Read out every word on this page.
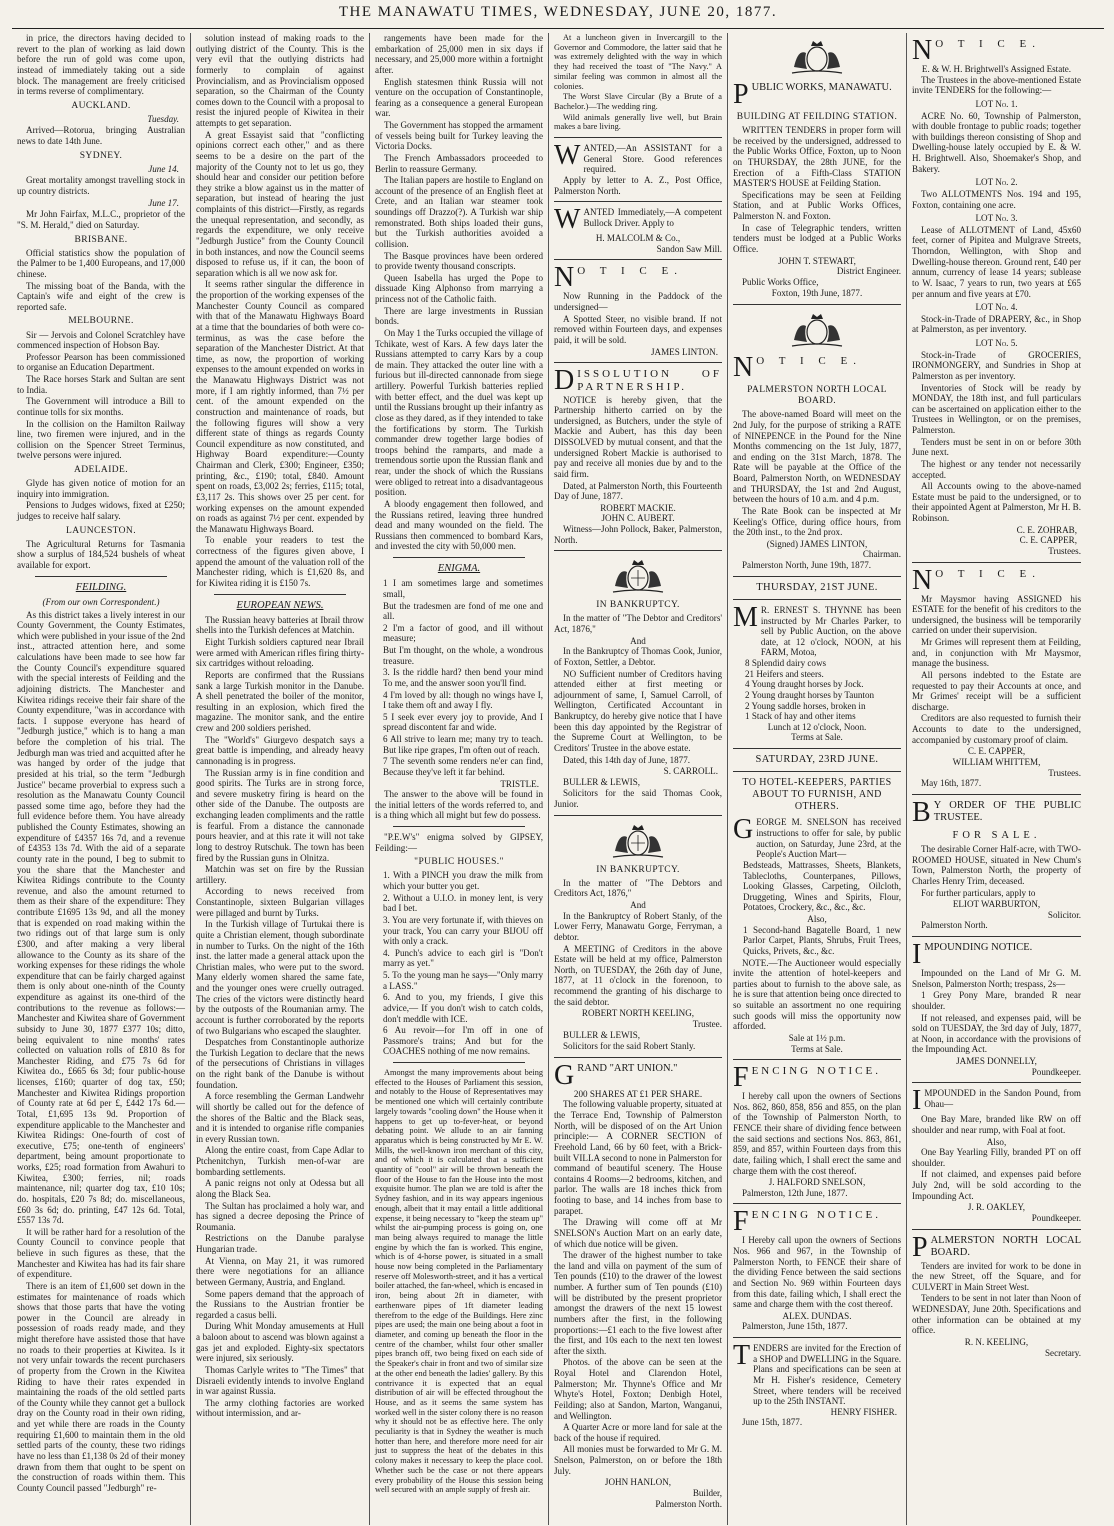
THE MANAWATU TIMES, WEDNESDAY, JUNE 20, 1877.

in price, the directors having decided to revert to the plan of working as laid down before the run of gold was come upon, instead of immediately taking out a side block. The management are freely criticised in terms reverse of complimentary.

AUCKLAND.
Tuesday.

Arrived—Rotorua, bringing Australian news to date 14th June.

SYDNEY.
June 14.

Great mortality amongst travelling stock in up country districts.

June 17.

Mr John Fairfax, M.L.C., proprietor of the "S. M. Herald," died on Saturday.

BRISBANE.

Official statistics show the population of the Palmer to be 1,400 Europeans, and 17,000 chinese.

The missing boat of the Banda, with the Captain's wife and eight of the crew is reported safe.

MELBOURNE.

Sir — Jervois and Colonel Scratchley have commenced inspection of Hobson Bay.

Professor Pearson has been commissioned to organise an Education Department.

The Race horses Stark and Sultan are sent to India.

The Government will introduce a Bill to continue tolls for six months.

In the collision on the Hamilton Railway line, two firemen were injured, and in the collision on the Spencer Street Terminus, twelve persons were injured.

ADELAIDE.

Glyde has given notice of motion for an inquiry into immigration.

Pensions to Judges widows, fixed at £250; judges to receive half salary.

LAUNCESTON.

The Agricultural Returns for Tasmania show a surplus of 184,524 bushels of wheat available for export.

FEILDING.
(From our own Correspondent.)

As this district takes a lively interest in our County Government, the County Estimates, which were published in your issue of the 2nd inst., attracted attention here, and some calculations have been made to see how far the County Council's expenditure squared with the special interests of Feilding and the adjoining districts. The Manchester and Kiwitea ridings receive their fair share of the County expenditure, "was in accordance with facts. I suppose everyone has heard of "Jedburgh justice," which is to hang a man before the completion of his trial. The Jedburgh man was tried and acquitted after he was hanged by order of the judge that presided at his trial, so the term "Jedburgh Justice" became proverbial to express such a resolution as the Manawatu County Council passed some time ago, before they had the full evidence before them. You have already published the County Estimates, showing an expenditure of £4357 16s 7d, and a revenue of £4353 13s 7d. With the aid of a separate county rate in the pound, I beg to submit to you the share that the Manchester and Kiwitea Ridings contribute to the County revenue, and also the amount returned to them as their share of the expenditure: They contribute £1695 13s 9d, and all the money that is expended on road making within the two ridings out of that large sum is only £300, and after making a very liberal allowance to the County as its share of the working expenses for these ridings the whole expenditure that can be fairly charged against them is only about one-ninth of the County expenditure as against its one-third of the contributions to the revenue as follows:—Manchester and Kiwitea share of Government subsidy to June 30, 1877 £377 10s; ditto, being equivalent to nine months' rates collected on valuation rolls of £810 8s for Manchester Riding, and £75 7s 6d for Kiwitea do., £665 6s 3d; four public-house licenses, £160; quarter of dog tax, £50; Manchester and Kiwitea Ridings proportion of County rate at 6d per £, £442 17s 6d.—Total, £1,695 13s 9d. Proportion of expenditure applicable to the Manchester and Kiwitea Ridings: One-fourth of cost of executive, £75; one-tenth of engineers' department, being amount proportionate to works, £25; road formation from Awahuri to Kiwitea, £300; ferries, nil; roads maintenance, nil; quarter dog tax, £10 10s; do. hospitals, £20 7s 8d; do. miscellaneous, £60 3s 6d; do. printing, £47 12s 6d. Total, £557 13s 7d.

It will be rather hard for a resolution of the County Council to convince people that believe in such figures as these, that the Manchester and Kiwitea has had its fair share of expenditure.

There is an item of £1,600 set down in the estimates for maintenance of roads which shows that those parts that have the voting power in the Council are already in possession of roads ready made, and they might therefore have assisted those that have no roads to their properties at Kiwitea. Is it not very unfair towards the recent purchasers of property from the Crown in the Kiwitea Riding to have their rates expended in maintaining the roads of the old settled parts of the County while they cannot get a bullock dray on the County road in their own riding, and yet while there are roads in the County requiring £1,600 to maintain them in the old settled parts of the county, these two ridings have no less than £1,138 0s 2d of their money drawn from them that ought to be spent on the construction of roads within them. This County Council passed "Jedburgh" re-

solution instead of making roads to the outlying district of the County. This is the very evil that the outlying districts had formerly to complain of against Provincialism, and as Provincialism opposed separation, so the Chairman of the County comes down to the Council with a proposal to resist the injured people of Kiwitea in their attempts to get separation.

A great Essayist said that "conflicting opinions correct each other," and as there seems to be a desire on the part of the majority of the County not to let us go, they should hear and consider our petition before they strike a blow against us in the matter of separation, but instead of hearing the just complaints of this district—Firstly, as regards the unequal representation, and secondly, as regards the expenditure, we only receive "Jedburgh Justice" from the County Council in both instances, and now the Council seems disposed to refuse us, if it can, the boon of separation which is all we now ask for.

It seems rather singular the difference in the proportion of the working expenses of the Manchester County Council as compared with that of the Manawatu Highways Board at a time that the boundaries of both were co-terminus, as was the case before the separation of the Manchester District. At that time, as now, the proportion of working expenses to the amount expended on works in the Manawatu Highways District was not more, if I am rightly informed, than 7½ per cent. of the amount expended on the construction and maintenance of roads, but the following figures will show a very different state of things as regards County Council expenditure as now constituted, and Highway Board expenditure:—County Chairman and Clerk, £300; Engineer, £350; printing, &c., £190; total, £840. Amount spent on roads, £3,002 2s; ferries, £115; total, £3,117 2s. This shows over 25 per cent. for working expenses on the amount expended on roads as against 7½ per cent. expended by the Manawatu Highways Board.

To enable your readers to test the correctness of the figures given above, I append the amount of the valuation roll of the Manchester riding, which is £1,620 8s, and for Kiwitea riding it is £150 7s.

EUROPEAN NEWS.

The Russian heavy batteries at Ibrail throw shells into the Turkish defences at Matchin.

Eight Turkish soldiers captured near Ibrail were armed with American rifles firing thirty-six cartridges without reloading.

Reports are confirmed that the Russians sank a large Turkish monitor in the Danube. A shell penetrated the boiler of the monitor, resulting in an explosion, which fired the magazine. The monitor sank, and the entire crew and 200 soldiers perished.

The "World's" Giurgevo despatch says a great battle is impending, and already heavy cannonading is in progress.

The Russian army is in fine condition and good spirits. The Turks are in strong force, and severe musketry firing is heard on the other side of the Danube. The outposts are exchanging leaden compliments and the rattle is fearful. From a distance the cannonade pours heavier, and at this rate it will not take long to destroy Rutschuk. The town has been fired by the Russian guns in Olnitza.

Matchin was set on fire by the Russian artillery.

According to news received from Constantinople, sixteen Bulgarian villages were pillaged and burnt by Turks.

In the Turkish village of Turtukai there is quite a Christian element, though subordinate in number to Turks. On the night of the 16th inst. the latter made a general attack upon the Christian males, who were put to the sword. Many elderly women shared the same fate, and the younger ones were cruelly outraged. The cries of the victors were distinctly heard by the outposts of the Roumanian army. The account is further corroborated by the reports of two Bulgarians who escaped the slaughter.

Despatches from Constantinople authorize the Turkish Legation to declare that the news of the persecutions of Christians in villages on the right bank of the Danube is without foundation.

A force resembling the German Landwehr will shortly be called out for the defence of the shores of the Baltic and the Black seas, and it is intended to organise rifle companies in every Russian town.

Along the entire coast, from Cape Adlar to Ptchenitchyn, Turkish men-of-war are bombarding settlements.

A panic reigns not only at Odessa but all along the Black Sea.

The Sultan has proclaimed a holy war, and has signed a decree deposing the Prince of Roumania.

Restrictions on the Danube paralyse Hungarian trade.

At Vienna, on May 21, it was rumored there were negotiations for an alliance between Germany, Austria, and England.

Some papers demand that the approach of the Russians to the Austrian frontier be regarded a casus belli.

During Whit Monday amusements at Hull a baloon about to ascend was blown against a gas jet and exploded. Eighty-six spectators were injured, six seriously.

Thomas Carlyle writes to "The Times" that Disraeli evidently intends to involve England in war against Russia.

The army clothing factories are worked without intermission, and ar-

rangements have been made for the embarkation of 25,000 men in six days if necessary, and 25,000 more within a fortnight after.

English statesmen think Russia will not venture on the occupation of Constantinople, fearing as a consequence a general European war.

The Government has stopped the armament of vessels being built for Turkey leaving the Victoria Docks.

The French Ambassadors proceeded to Berlin to reassure Germany.

The Italian papers are hostile to England on account of the presence of an English fleet at Crete, and an Italian war steamer took soundings off Drazzo(?). A Turkish war ship remonstrated. Both ships loaded their guns, but the Turkish authorities avoided a collision.

The Basque provinces have been ordered to provide twenty thousand conscripts.

Queen Isabella has urged the Pope to dissuade King Alphonso from marrying a princess not of the Catholic faith.

There are large investments in Russian bonds.

On May 1 the Turks occupied the village of Tchikate, west of Kars. A few days later the Russians attempted to carry Kars by a coup de main. They attacked the outer line with a furious but ill-directed cannonade from siege artillery. Powerful Turkish batteries replied with better effect, and the duel was kept up until the Russians brought up their infantry as close as they dared, as if they intended to take the fortifications by storm. The Turkish commander drew together large bodies of troops behind the ramparts, and made a tremendous sortie upon the Russian flank and rear, under the shock of which the Russians were obliged to retreat into a disadvantageous position.

A bloody engagement then followed, and the Russians retired, leaving three hundred dead and many wounded on the field. The Russians then commenced to bombard Kars, and invested the city with 50,000 men.

ENIGMA.

1 I am sometimes large and sometimes small,

But the tradesmen are fond of me one and all.

2 I'm a factor of good, and ill without measure;

But I'm thought, on the whole, a wondrous treasure.

3. Is the riddle hard? then bend your mind To me, and the answer soon you'll find.

4 I'm loved by all: though no wings have I, I take them oft and away I fly.

5 I seek ever every joy to provide, And I spread discontent far and wide.

6 All strive to learn me; many try to teach. But like ripe grapes, I'm often out of reach.

7 The seventh some renders ne'er can find, Because they've left it far behind.

TRISTLE.

The answer to the above will be found in the initial letters of the words referred to, and is a thing which all might but few do possess.

"P.E.W's" enigma solved by GIPSEY, Feilding:—

"PUBLIC HOUSES."

1. With a PINCH you draw the milk from which your butter you get.

2. Without a U.I.O. in money lent, is very bad I bet.

3. You are very fortunate if, with thieves on your track, You can carry your BIJOU off with only a crack.

4. Punch's advice to each girl is "Don't marry as yet."

5. To the young man he says—"Only marry a LASS."

6. And to you, my friends, I give this advice,— If you don't wish to catch colds, don't meddle with ICE.

6 Au revoir—for I'm off in one of Passmore's trains; And but for the COACHES nothing of me now remains.

Amongst the many improvements about being effected to the Houses of Parliament this session, and notably to the House of Representatives may be mentioned one which will certainly contribute largely towards "cooling down" the House when it happens to get up to-fever-heat, or beyond debating point. We allude to an air fanning apparatus which is being constructed by Mr E. W. Mills, the well-known iron merchant of this city, and of which it is calculated that a sufficient quantity of "cool" air will be thrown beneath the floor of the House to fan the House into the most exquisite humor. The plan we are told is after the Sydney fashion, and in its way appears ingenious enough, albeit that it may entail a little additional expense, it being necessary to "keep the steam up" whilst the air-pumping process is going on, one man being always required to manage the little engine by which the fan is worked. This engine, which is of 4-horse power, is situated in a small house now being completed in the Parliamentary reserve off Molesworth-street, and it has a vertical boiler attached, the fan-wheel, which is encased in iron, being about 2ft in diameter, with earthenware pipes of 1ft diameter leading therefrom to the edge of the Buildings. Here zinc pipes are used; the main one being about a foot in diameter, and coming up beneath the floor in the centre of the chamber, whilst four other smaller pipes branch off, two being fixed on each side of the Speaker's chair in front and two of similar size at the other end beneath the ladies' gallery. By this contrivance it is expected that an equal distribution of air will be effected throughout the House, and as it seems the same system has worked well in the sister colony there is no reason why it should not be as effective here. The only peculiarity is that in Sydney the weather is much hotter than here, and therefore more need for air just to suppress the heat of the debates in this colony makes it necessary to keep the place cool. Whether such be the case or not there appears every probability of the House this session being well secured with an ample supply of fresh air.

At a luncheon given in Invercargill to the Governor and Commodore, the latter said that he was extremely delighted with the way in which they had received the toast of "The Navy." A similar feeling was common in almost all the colonies.

The Worst Slave Circular (By a Brute of a Bachelor.)—The wedding ring.

Wild animals generally live well, but Brain makes a bare living.

W ANTED,—An ASSISTANT for a General Store. Good references required.

Apply by letter to A. Z., Post Office, Palmerston North.

W ANTED Immediately,—A competent Bullock Driver. Apply to
H. MALCOLM & Co.,
Sandon Saw Mill.
N O T I C E.

Now Running in the Paddock of the undersigned—

A Spotted Steer, no visible brand. If not removed within Fourteen days, and expenses paid, it will be sold.

JAMES LINTON.
D ISSOLUTION OF PARTNERSHIP.

NOTICE is hereby given, that the Partnership hitherto carried on by the undersigned, as Butchers, under the style of Mackie and Aubert, has this day been DISSOLVED by mutual consent, and that the undersigned Robert Mackie is authorised to pay and receive all monies due by and to the said firm.

Dated, at Palmerston North, this Fourteenth Day of June, 1877.

ROBERT MACKIE.
JOHN C. AUBERT.

Witness—John Pollock, Baker, Palmerston, North.

IN BANKRUPTCY.

In the matter of "The Debtor and Creditors' Act, 1876,"

And

In the Bankruptcy of Thomas Cook, Junior, of Foxton, Settler, a Debtor.

NO Sufficient number of Creditors having attended either at first meeting or adjournment of same, I, Samuel Carroll, of Wellington, Certificated Accountant in Bankruptcy, do hereby give notice that I have been this day appointed by the Registrar of the Supreme Court at Wellington, to be Creditors' Trustee in the above estate.

Dated, this 14th day of June, 1877.

S. CARROLL.

BULLER & LEWIS,

Solicitors for the said Thomas Cook, Junior.

IN BANKRUPTCY.

In the matter of "The Debtors and Creditors Act, 1876,"

And

In the Bankruptcy of Robert Stanly, of the Lower Ferry, Manawatu Gorge, Ferryman, a debtor.

A MEETING of Creditors in the above Estate will be held at my office, Palmerston North, on TUESDAY, the 26th day of June, 1877, at 11 o'clock in the forenoon, to recommend the granting of his discharge to the said debtor.

ROBERT NORTH KEELING,
Trustee.

BULLER & LEWIS,

Solicitors for the said Robert Stanly.

G RAND "ART UNION."
200 SHARES AT £1 PER SHARE.

The following valuable property, situated at the Terrace End, Township of Palmerston North, will be disposed of on the Art Union principle:— A CORNER SECTION of Freehold Land, 66 by 60 feet, with a Brick-built VILLA second to none in Palmerston for command of beautiful scenery. The House contains 4 Rooms—2 bedrooms, kitchen, and parlor. The walls are 18 inches thick from footing to base, and 14 inches from base to parapet.

The Drawing will come off at Mr SNELSON's Auction Mart on an early date, of which due notice will be given.

The drawer of the highest number to take the land and villa on payment of the sum of Ten pounds (£10) to the drawer of the lowest number. A further sum of Ten pounds (£10) will be distributed by the present proprietor amongst the drawers of the next 15 lowest numbers after the first, in the following proportions:—£1 each to the five lowest after the first, and 10s each to the next ten lowest after the sixth.

Photos. of the above can be seen at the Royal Hotel and Clarendon Hotel, Palmerston; Mr. Thynne's Office and Mr Whyte's Hotel, Foxton; Denbigh Hotel, Feilding; also at Sandon, Marton, Wanganui, and Wellington.

A Quarter Acre or more land for sale at the back of the house if required.

All monies must be forwarded to Mr G. M. Snelson, Palmerston, on or before the 18th July.

JOHN HANLON,
Builder,
Palmerston North.
P UBLIC WORKS, MANAWATU.
BUILDING AT FEILDING STATION.

WRITTEN TENDERS in proper form will be received by the undersigned, addressed to the Public Works Office, Foxton, up to Noon on THURSDAY, the 28th JUNE, for the Erection of a Fifth-Class STATION MASTER'S HOUSE at Feilding Station.

Specifications may be seen at Feilding Station, and at Public Works Offices, Palmerston N. and Foxton.

In case of Telegraphic tenders, written tenders must be lodged at a Public Works Office.

JOHN T. STEWART,
District Engineer.

Public Works Office,

Foxton, 19th June, 1877.
N O T I C E.
PALMERSTON NORTH LOCAL BOARD.

The above-named Board will meet on the 2nd July, for the purpose of striking a RATE of NINEPENCE in the Pound for the Nine Months commencing on the 1st July, 1877, and ending on the 31st March, 1878. The Rate will be payable at the Office of the Board, Palmerston North, on WEDNESDAY and THURSDAY, the 1st and 2nd August, between the hours of 10 a.m. and 4 p.m.

The Rate Book can be inspected at Mr Keeling's Office, during office hours, from the 20th inst., to the 2nd prox.

(Signed) JAMES LINTON,
Chairman.

Palmerston North, June 19th, 1877.

THURSDAY, 21ST JUNE.
M R. ERNEST S. THYNNE has been instructed by Mr Charles Parker, to sell by Public Auction, on the above date, at 12 o'clock, NOON, at his FARM, Motoa,
8 Splendid dairy cows
21 Heifers and steers.
4 Young draught horses by Jock.
2 Young draught horses by Taunton
2 Young saddle horses, broken in
1 Stack of hay and other items
Lunch at 12 o'clock, Noon.
Terms at Sale.
SATURDAY, 23RD JUNE.
TO HOTEL-KEEPERS, PARTIES ABOUT TO FURNISH, AND OTHERS.
G EORGE M. SNELSON has received instructions to offer for sale, by public auction, on Saturday, June 23rd, at the People's Auction Mart—

Bedsteads, Mattrasses, Sheets, Blankets, Tablecloths, Counterpanes, Pillows, Looking Glasses, Carpeting, Oilcloth, Druggeting, Wines and Spirits, Flour, Potatoes, Crockery, &c., &c., &c.

Also,

1 Second-hand Bagatelle Board, 1 new Parlor Carpet, Plants, Shrubs, Fruit Trees, Quicks, Privets, &c., &c.

NOTE.—The Auctioneer would especially invite the attention of hotel-keepers and parties about to furnish to the above sale, as he is sure that attention being once directed to so suitable an assortment no one requiring such goods will miss the opportunity now afforded.

Sale at 1½ p.m.
Terms at Sale.
F ENCING NOTICE.

I hereby call upon the owners of Sections Nos. 862, 860, 858, 856 and 855, on the plan of the Township of Palmerston North, to FENCE their share of dividing fence between the said sections and sections Nos. 863, 861, 859, and 857, within Fourteen days from this date, failing which, I shall erect the same and charge them with the cost thereof.

J. HALFORD SNELSON,

Palmerston, 12th June, 1877.

F ENCING NOTICE.

I Hereby call upon the owners of Sections Nos. 966 and 967, in the Township of Palmerston North, to FENCE their share of the dividing Fence between the said sections and Section No. 969 within Fourteen days from this date, failing which, I shall erect the same and charge them with the cost thereof.

ALEX. DUNDAS.

Palmerston, June 15th, 1877.

T ENDERS are invited for the Erection of a SHOP and DWELLING in the Square. Plans and specifications can be seen at Mr H. Fisher's residence, Cemetery Street, where tenders will be received up to the 25th INSTANT.
HENRY FISHER.

June 15th, 1877.

N O T I C E.
E. & W. H. Brightwell's Assigned Estate.

The Trustees in the above-mentioned Estate invite TENDERS for the following:—

LOT No. 1.

ACRE No. 60, Township of Palmerston, with double frontage to public roads; together with buildings thereon consisting of Shop and Dwelling-house lately occupied by E. & W. H. Brightwell. Also, Shoemaker's Shop, and Bakery.

LOT No. 2.

Two ALLOTMENTS Nos. 194 and 195, Foxton, containing one acre.

LOT No. 3.

Lease of ALLOTMENT of Land, 45x60 feet, corner of Pipitea and Mulgrave Streets, Thorndon, Wellington, with Shop and Dwelling-house thereon. Ground rent, £40 per annum, currency of lease 14 years; sublease to W. Isaac, 7 years to run, two years at £65 per annum and five years at £70.

LOT No. 4.

Stock-in-Trade of DRAPERY, &c., in Shop at Palmerston, as per inventory.

LOT No. 5.

Stock-in-Trade of GROCERIES, IRONMONGERY, and Sundries in Shop at Palmerston as per inventory.

Inventories of Stock will be ready by MONDAY, the 18th inst, and full particulars can be ascertained on application either to the Trustees in Wellington, or on the premises, Palmerston.

Tenders must be sent in on or before 30th June next.

The highest or any tender not necessarily accepted.

All Accounts owing to the above-named Estate must be paid to the undersigned, or to their appointed Agent at Palmerston, Mr H. B. Robinson.

C. E. ZOHRAB,
C. E. CAPPER,
Trustees.
N O T I C E.

Mr Maysmor having ASSIGNED his ESTATE for the benefit of his creditors to the undersigned, the business will be temporarily carried on under their supervision.

Mr Grimes will represent them at Feilding, and, in conjunction with Mr Maysmor, manage the business.

All persons indebted to the Estate are requested to pay their Accounts at once, and Mr Grimes' receipt will be a sufficient discharge.

Creditors are also requested to furnish their Accounts to date to the undersigned, accompanied by customary proof of claim.

C. E. CAPPER,
WILLIAM WHITTEM,
Trustees.

May 16th, 1877.

B Y ORDER OF THE PUBLIC TRUSTEE.
FOR SALE.

The desirable Corner Half-acre, with TWO-ROOMED HOUSE, situated in New Chum's Town, Palmerston North, the property of Charles Henry Trim, deceased.

For further particulars, apply to

ELIOT WARBURTON,
Solicitor.

Palmerston North.

I MPOUNDING NOTICE.

Impounded on the Land of Mr G. M. Snelson, Palmerston North; trespass, 2s—

1 Grey Pony Mare, branded R near shoulder.

If not released, and expenses paid, will be sold on TUESDAY, the 3rd day of July, 1877, at Noon, in accordance with the provisions of the Impounding Act.

JAMES DONNELLY,
Poundkeeper.
I MPOUNDED in the Sandon Pound, from Ohau—

One Bay Mare, branded like RW on off shoulder and near rump, with Foal at foot.

Also,

One Bay Yearling Filly, branded PT on off shoulder.

If not claimed, and expenses paid before July 2nd, will be sold according to the Impounding Act.

J. R. OAKLEY,
Poundkeeper.
P ALMERSTON NORTH LOCAL BOARD.

Tenders are invited for work to be done in the new Street, off the Square, and for CULVERT in Main Street West.

Tenders to be sent in not later than Noon of WEDNESDAY, June 20th. Specifications and other information can be obtained at my office.

R. N. KEELING,
Secretary.
